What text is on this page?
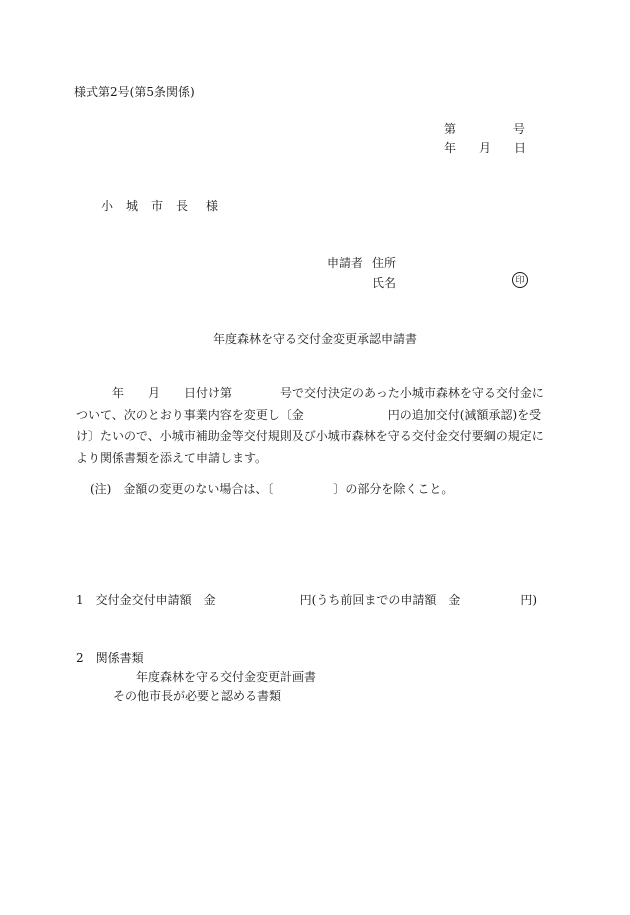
様式第2号(第5条関係)
第	号
年 月 日
小城市長 様
申請者 住所
氏名	印
年度森林を守る交付金変更承認申請書
　　　年　　月　　日付け第　　　　号で交付決定のあった小城市森林を守る交付金に
ついて、次のとおり事業内容を変更し〔金　　　　　　　円の追加交付(減額承認)を受
け〕たいので、小城市補助金等交付規則及び小城市森林を守る交付金交付要綱の規定に
より関係書類を添えて申請します。
(注)　金額の変更のない場合は、〔　　　　　〕の部分を除くこと。
1　交付金交付申請額　金　　　　　　　円(うち前回までの申請額　金　　　　　円)
2　関係書類
年度森林を守る交付金変更計画書
その他市長が必要と認める書類
